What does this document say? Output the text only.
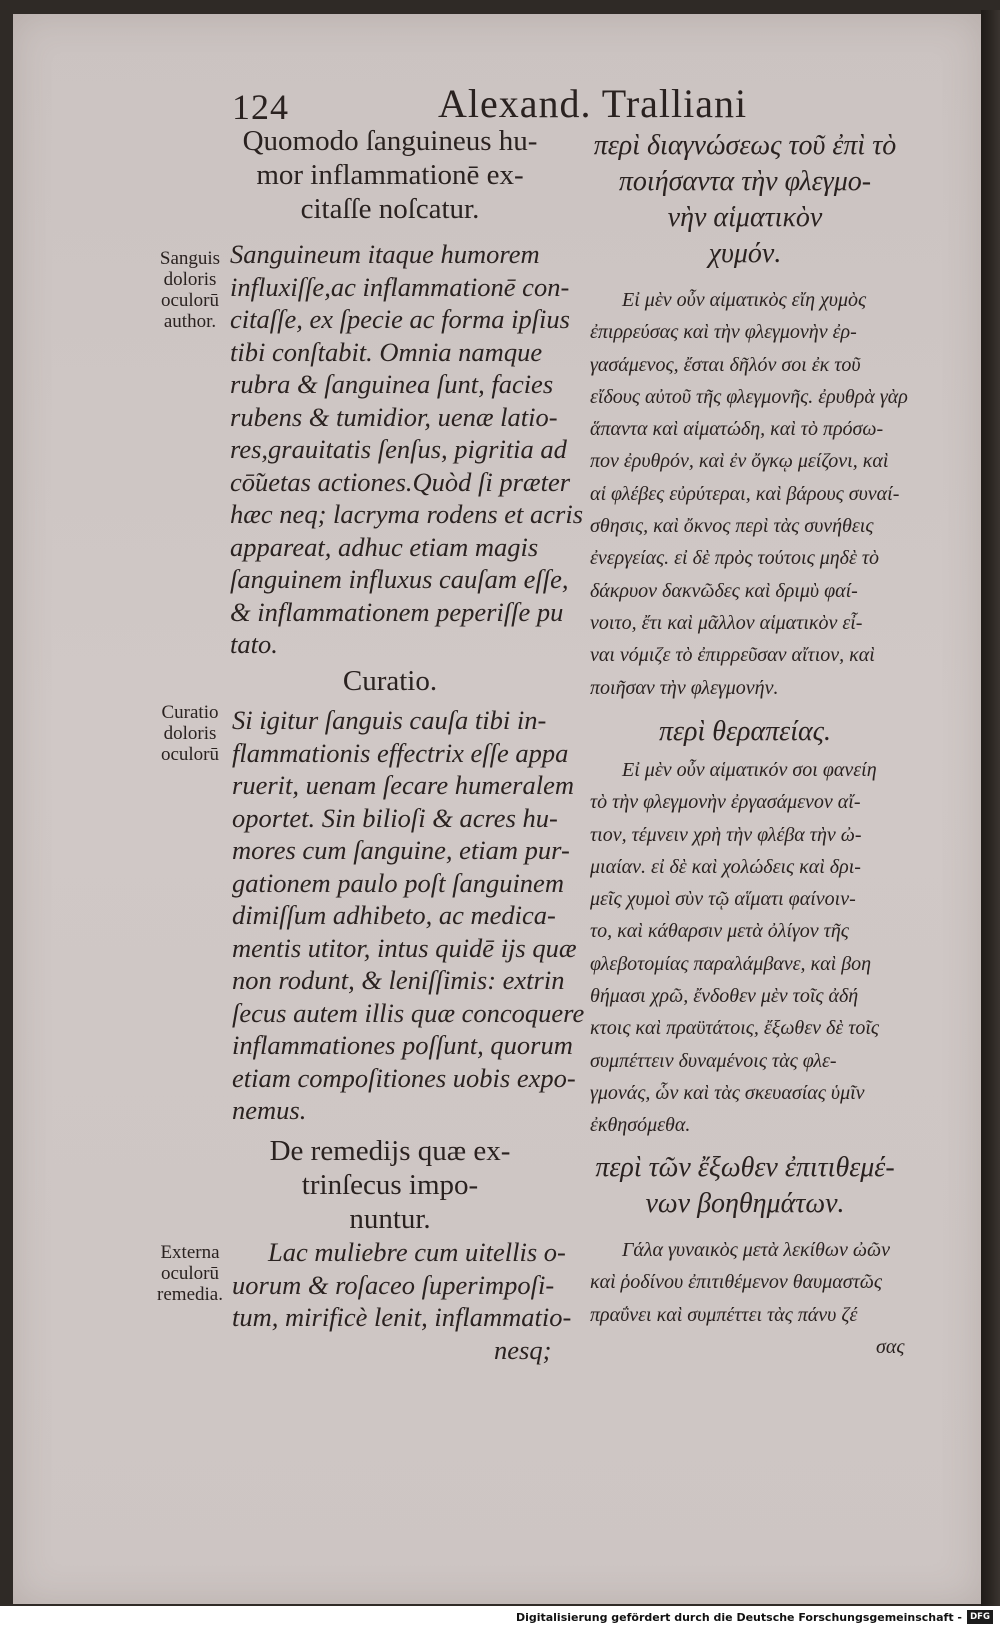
124	Alexand. Tralliani
Quomodo ſanguineus hu-
mor inflammationē ex-
citaſſe noſcatur.
Sanguineum itaque humorem
influxiſſe,ac inflammationē con-
citaſſe, ex ſpecie ac forma ipſius
tibi conſtabit. Omnia namque
rubra & ſanguinea ſunt, facies
rubens & tumidior, uenæ latio-
res,grauitatis ſenſus, pigritia ad
cō̃uetas actiones.Quòd ſi præter
hæc neq; lacryma rodens et acris
appareat, adhuc etiam magis
ſanguinem influxus cauſam eſſe,
& inflammationem peperiſſe pu
tato.
Curatio.
Si igitur ſanguis cauſa tibi in-
flammationis effectrix eſſe appa
ruerit, uenam ſecare humeralem
oportet. Sin bilioſi & acres hu-
mores cum ſanguine, etiam pur-
gationem paulo poſt ſanguinem
dimiſſum adhibeto, ac medica-
mentis utitor, intus quidē ijs quæ
non rodunt, & leniſſimis: extrin
ſecus autem illis quæ concoquere
inflammationes poſſunt, quorum
etiam compoſitiones uobis expo-
nemus.
De remedijs quæ ex-
trinſecus impo-
nuntur.
Lac muliebre cum uitellis o-
uorum & roſaceo ſuperimpoſi-
tum, mirificè lenit, inflammatio-
nesq;
Sanguis
doloris
oculorū
author.
Curatio
doloris
oculorū
Externa
oculorū
remedia.
περὶ διαγνώσεως τοῦ ἐπὶ τὸ
ποιήσαντα τὴν φλεγμο-
νὴν αἱματικὸν
χυμόν.
Εἰ μὲν οὖν αἱματικὸς εἴη χυμὸς
ἐπιρρεύσας καὶ τὴν φλεγμονὴν ἐρ-
γασάμενος, ἔσται δῆλόν σοι ἐκ τοῦ
εἴδους αὐτοῦ τῆς φλεγμονῆς. ἐρυθρὰ γὰρ
ἅπαντα καὶ αἱματώδη, καὶ τὸ πρόσω-
πον ἐρυθρόν, καὶ ἐν ὄγκῳ μείζονι, καὶ
αἱ φλέβες εὐρύτεραι, καὶ βάρους συναί-
σθησις, καὶ ὄκνος περὶ τὰς συνήθεις
ἐνεργείας. εἰ δὲ πρὸς τούτοις μηδὲ τὸ
δάκρυον δακνῶδες καὶ δριμὺ φαί-
νοιτο, ἔτι καὶ μᾶλλον αἱματικὸν εἶ-
ναι νόμιζε τὸ ἐπιρρεῦσαν αἴτιον, καὶ
ποιῆσαν τὴν φλεγμονήν.
περὶ θεραπείας.
Εἰ μὲν οὖν αἱματικόν σοι φανείη
τὸ τὴν φλεγμονὴν ἐργασάμενον αἴ-
τιον, τέμνειν χρὴ τὴν φλέβα τὴν ὠ-
μιαίαν. εἰ δὲ καὶ χολώδεις καὶ δρι-
μεῖς χυμοὶ σὺν τῷ αἵματι φαίνοιν-
το, καὶ κάθαρσιν μετὰ ὀλίγον τῆς
φλεβοτομίας παραλάμβανε, καὶ βοη
θήμασι χρῶ, ἔνδοθεν μὲν τοῖς ἀδή
κτοις καὶ πραϋτάτοις, ἔξωθεν δὲ τοῖς
συμπέττειν δυναμένοις τὰς φλε-
γμονάς, ὧν καὶ τὰς σκευασίας ὑμῖν
ἐκθησόμεθα.
περὶ τῶν ἔξωθεν ἐπιτιθεμέ-
νων βοηθημάτων.
Γάλα γυναικὸς μετὰ λεκίθων ὠῶν
καὶ ῥοδίνου ἐπιτιθέμενον θαυμαστῶς
πραΰνει καὶ συμπέττει τὰς πάνυ ζέ
σας
Digitalisierung gefördert durch die Deutsche Forschungsgemeinschaft - DFG
